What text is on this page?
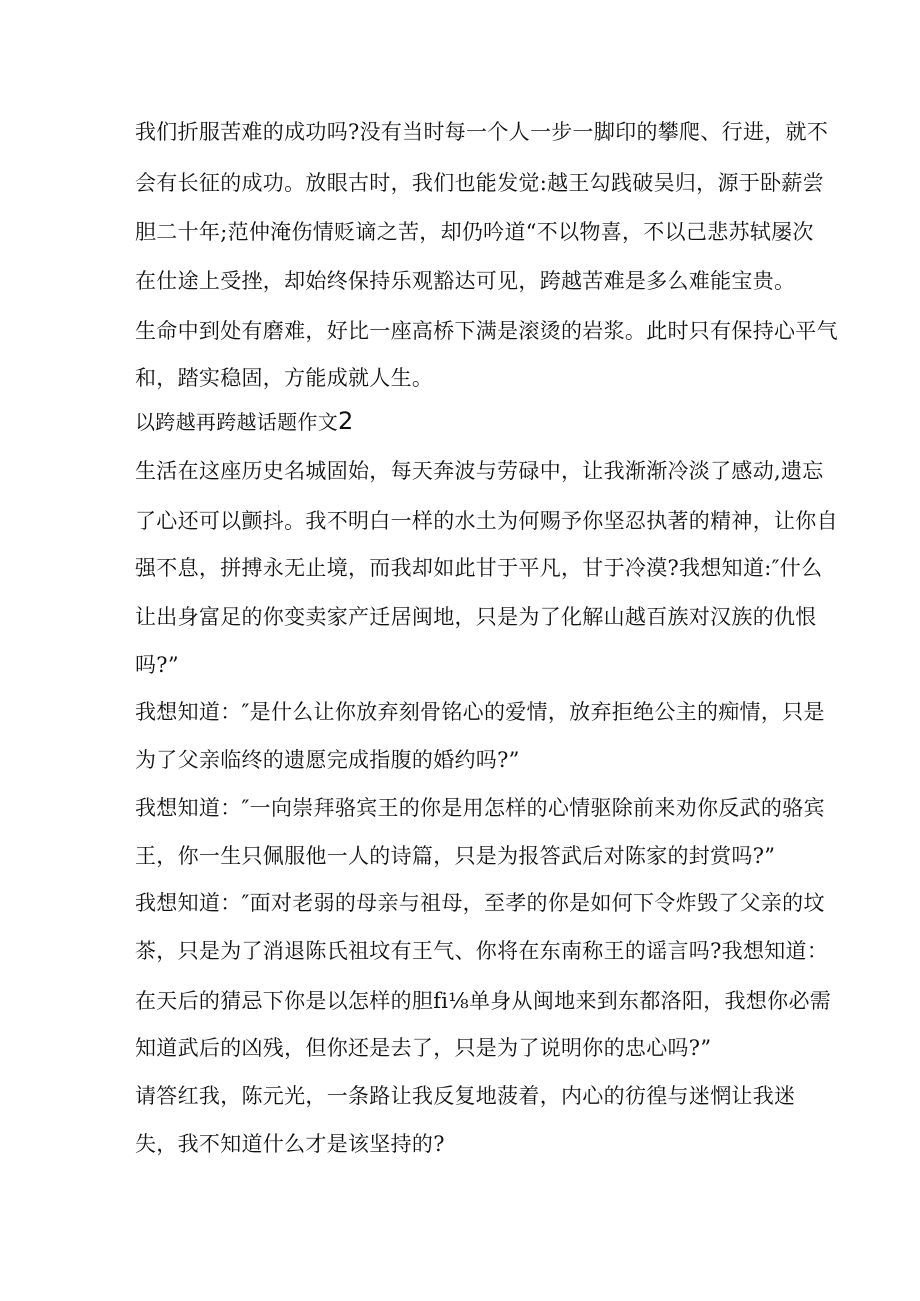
我们折服苦难的成功吗?没有当时每一个人一步一脚印的攀爬、行进，就不
会有长征的成功。放眼古时，我们也能发觉:越王勾践破吴归，源于卧薪尝
胆二十年;范仲淹伤情贬谪之苦，却仍吟道“不以物喜，不以己悲苏轼屡次
在仕途上受挫，却始终保持乐观豁达可见，跨越苦难是多么难能宝贵。
生命中到处有磨难，好比一座高桥下满是滚烫的岩浆。此时只有保持心平气
和，踏实稳固，方能成就人生。
以跨越再跨越话题作文2
生活在这座历史名城固始，每天奔波与劳碌中，让我渐渐冷淡了感动,遗忘
了心还可以颤抖。我不明白一样的水土为何赐予你坚忍执著的精神，让你自
强不息，拼搏永无止境，而我却如此甘于平凡，甘于冷漠?我想知道:″什么
让出身富足的你变卖家产迁居闽地，只是为了化解山越百族对汉族的仇恨
吗?”
我想知道：″是什么让你放弃刻骨铭心的爱情，放弃拒绝公主的痴情，只是
为了父亲临终的遗愿完成指腹的婚约吗?”
我想知道：″一向崇拜骆宾王的你是用怎样的心情驱除前来劝你反武的骆宾
王，你一生只佩服他一人的诗篇，只是为报答武后对陈家的封赏吗?”
我想知道：″面对老弱的母亲与祖母，至孝的你是如何下令炸毁了父亲的坟
茶，只是为了消退陈氏祖坟有王气、你将在东南称王的谣言吗?我想知道：
在天后的猜忌下你是以怎样的胆fi⅛单身从闽地来到东都洛阳，我想你必需
知道武后的凶残，但你还是去了，只是为了说明你的忠心吗?”
请答红我，陈元光，一条路让我反复地菠着，内心的彷徨与迷惘让我迷
失，我不知道什么才是该坚持的?
